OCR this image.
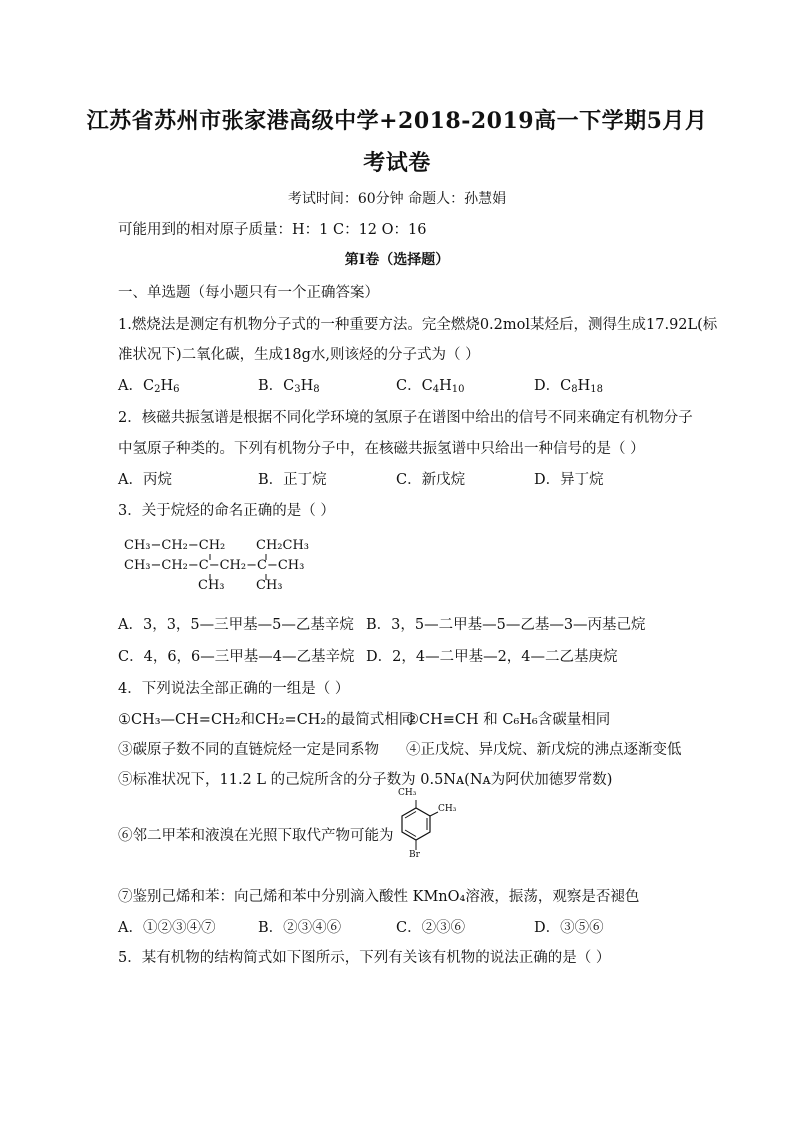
江苏省苏州市张家港高级中学+2018-2019高一下学期5月月
考试卷
考试时间：60分钟 命题人：孙慧娟
可能用到的相对原子质量：H：1 C：12 O：16
第Ⅰ卷（选择题）
一、单选题（每小题只有一个正确答案）
1.燃烧法是测定有机物分子式的一种重要方法。完全燃烧0.2mol某烃后，测得生成17.92L(标
准状况下)二氧化碳，生成18g水,则该烃的分子式为（ ）
A．$C_2H_6$	B．$C_3H_8$	C．$C_4H_{10}$	D．$C_8H_{18}$
2．核磁共振氢谱是根据不同化学环境的氢原子在谱图中给出的信号不同来确定有机物分子
中氢原子种类的。下列有机物分子中，在核磁共振氢谱中只给出一种信号的是（ ）
A．丙烷	B．正丁烷	C．新戊烷	D．异丁烷
3．关于烷烃的命名正确的是（ ）
CH₃−CH₂−CH₂ CH₂CH₃
CH₃−CH₂−C−CH₂−C−CH₃
CH₃ CH₃
A．3，3，5—三甲基—5—乙基辛烷 B．3，5—二甲基—5—乙基—3—丙基己烷
C．4，6，6—三甲基—4—乙基辛烷 D．2，4—二甲基—2，4—二乙基庚烷
4．下列说法全部正确的一组是（ ）
①CH₃—CH=CH₂和CH₂=CH₂的最简式相同
②CH≡CH 和 C₆H₆含碳量相同
③碳原子数不同的直链烷烃一定是同系物 ④正戊烷、异戊烷、新戊烷的沸点逐渐变低
⑤标准状况下，11.2 L 的己烷所含的分子数为 0.5Nᴀ(Nᴀ为阿伏加德罗常数)
⑥邻二甲苯和液溴在光照下取代产物可能为
CH₃
CH₃
Br
⑦鉴别己烯和苯：向己烯和苯中分别滴入酸性 KMnO₄溶液，振荡，观察是否褪色
A．①②③④⑦	B．②③④⑥	C．②③⑥	D．③⑤⑥
5．某有机物的结构简式如下图所示，下列有关该有机物的说法正确的是（ ）
